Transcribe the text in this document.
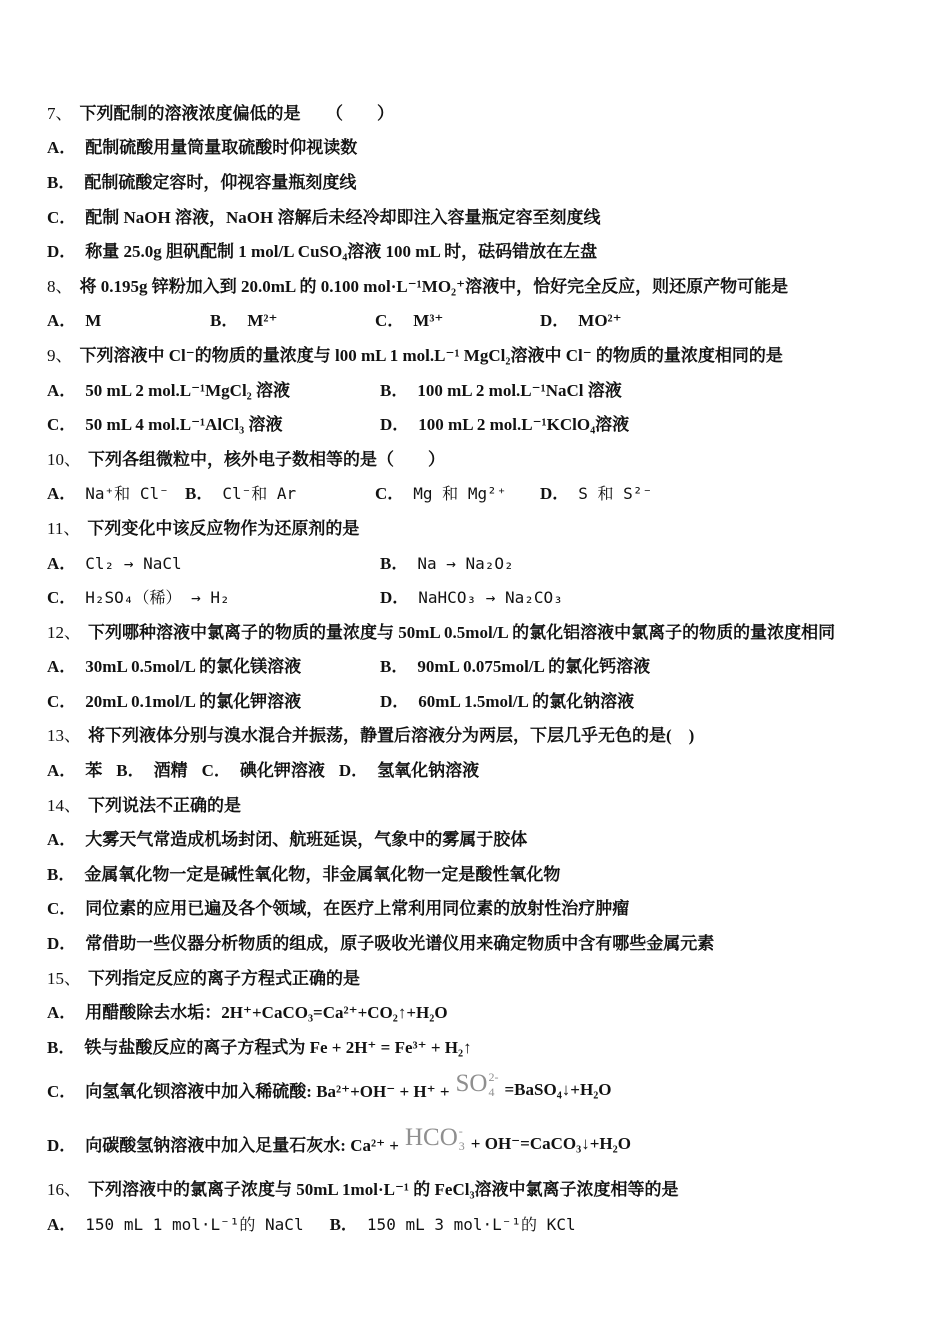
7、 下列配制的溶液浓度偏低的是　　（　　）
A． 配制硫酸用量筒量取硫酸时仰视读数
B． 配制硫酸定容时，仰视容量瓶刻度线
C． 配制 NaOH 溶液，NaOH 溶解后未经冷却即注入容量瓶定容至刻度线
D． 称量 25.0g 胆矾配制 1 mol/L CuSO₄溶液 100 mL 时，砝码错放在左盘
8、 将 0.195g 锌粉加入到 20.0mL 的 0.100 mol·L⁻¹MO₂⁺溶液中，恰好完全反应，则还原产物可能是
A． M	B． M²⁺	C． M³⁺	D． MO²⁺
9、 下列溶液中 Cl⁻的物质的量浓度与 l00 mL 1 mol.L⁻¹ MgCl₂溶液中 Cl⁻ 的物质的量浓度相同的是
A． 50 mL 2 mol.L⁻¹MgCl₂ 溶液	B． 100 mL 2 mol.L⁻¹NaCl 溶液
C． 50 mL 4 mol.L⁻¹AlCl₃ 溶液	D． 100 mL 2 mol.L⁻¹KClO₄溶液
10、 下列各组微粒中，核外电子数相等的是（　　）
A． Na⁺和 Cl⁻ B． Cl⁻和 Ar	C． Mg 和 Mg²⁺ D． S 和 S²⁻
11、 下列变化中该反应物作为还原剂的是
A． Cl₂ → NaCl	B． Na → Na₂O₂
C． H₂SO₄（稀） → H₂	D． NaHCO₃ → Na₂CO₃
12、 下列哪种溶液中氯离子的物质的量浓度与 50mL 0.5mol/L 的氯化铝溶液中氯离子的物质的量浓度相同
A． 30mL 0.5mol/L 的氯化镁溶液	B． 90mL 0.075mol/L 的氯化钙溶液
C． 20mL 0.1mol/L 的氯化钾溶液	D． 60mL 1.5mol/L 的氯化钠溶液
13、 将下列液体分别与溴水混合并振荡，静置后溶液分为两层，下层几乎无色的是(　)
A． 苯 B． 酒精 C． 碘化钾溶液 D． 氢氧化钠溶液
14、 下列说法不正确的是
A． 大雾天气常造成机场封闭、航班延误，气象中的雾属于胶体
B． 金属氧化物一定是碱性氧化物，非金属氧化物一定是酸性氧化物
C． 同位素的应用已遍及各个领域，在医疗上常利用同位素的放射性治疗肿瘤
D． 常借助一些仪器分析物质的组成，原子吸收光谱仪用来确定物质中含有哪些金属元素
15、 下列指定反应的离子方程式正确的是
A． 用醋酸除去水垢：2H⁺+CaCO₃=Ca²⁺+CO₂↑+H₂O
B． 铁与盐酸反应的离子方程式为 Fe + 2H⁺ = Fe³⁺ + H₂↑
C． 向氢氧化钡溶液中加入稀硫酸: Ba²⁺+OH⁻ + H⁺ + SO 2-
4 =BaSO₄↓+H₂O
D． 向碳酸氢钠溶液中加入足量石灰水: Ca²⁺ + HCO -
3 + OH⁻=CaCO₃↓+H₂O
16、 下列溶液中的氯离子浓度与 50mL 1mol·L⁻¹ 的 FeCl₃溶液中氯离子浓度相等的是
A． 150 mL 1 mol·L⁻¹的 NaCl B． 150 mL 3 mol·L⁻¹的 KCl
